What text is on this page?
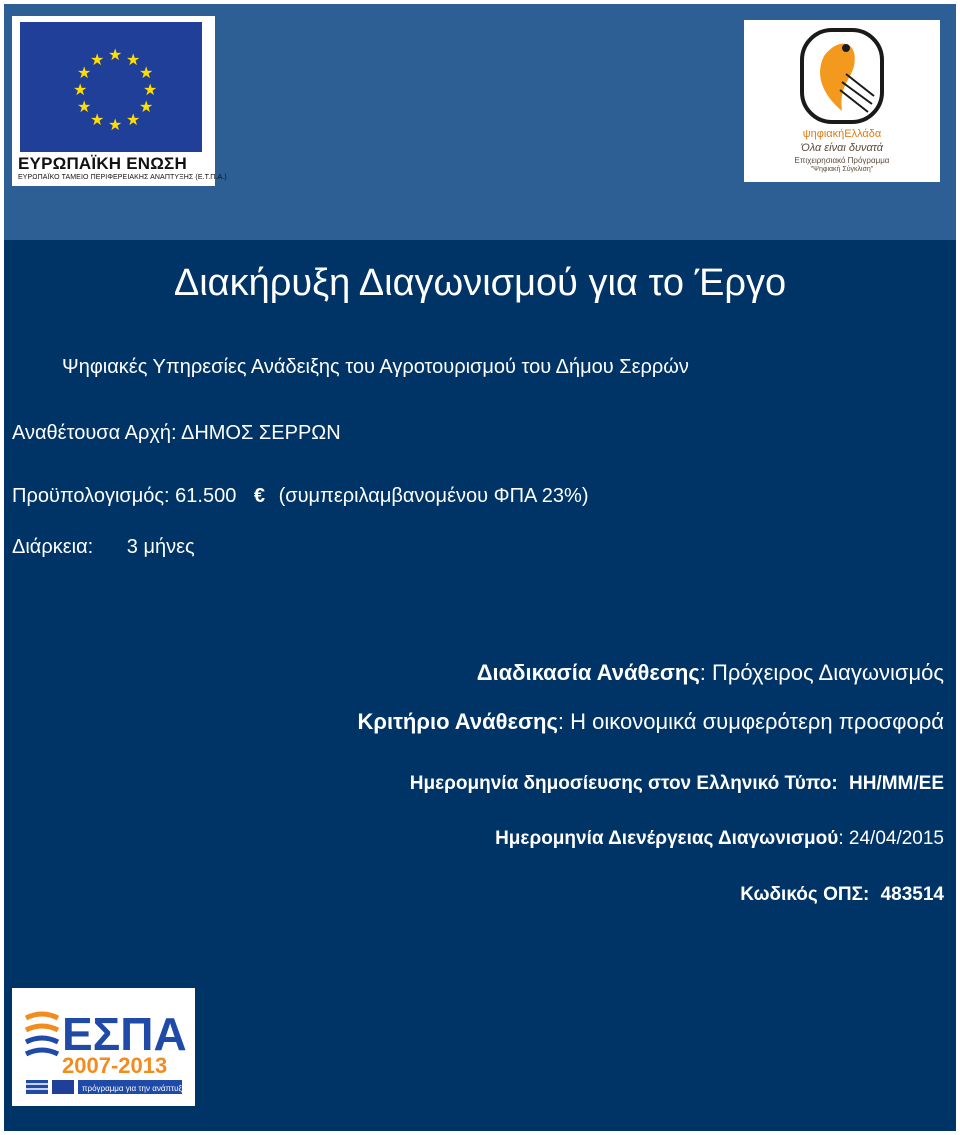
★ ★
★
★
★
★
★
★
★
★
★
★
ΕΥΡΩΠΑΪΚΗ ΕΝΩΣΗ
ΕΥΡΩΠΑΪΚΟ ΤΑΜΕΙΟ ΠΕΡΙΦΕΡΕΙΑΚΗΣ ΑΝΑΠΤΥΞΗΣ (Ε.Τ.Π.Α.)
ψηφιακήΕλλάδα
Όλα είναι δυνατά
Επιχειρησιακό Πρόγραμμα
"Ψηφιακή Σύγκλιση"
Διακήρυξη Διαγωνισμού για το Έργο
Ψηφιακές Υπηρεσίες Ανάδειξης του Αγροτουρισμού του Δήμου Σερρών
Αναθέτουσα Αρχή: ΔΗΜΟΣ ΣΕΡΡΩΝ
Προϋπολογισμός: 61.500 € (συμπεριλαμβανομένου ΦΠΑ 23%)
Διάρκεια: 3 μήνες
Διαδικασία Ανάθεσης: Πρόχειρος Διαγωνισμός
Κριτήριο Ανάθεσης: Η οικονομικά συμφερότερη προσφορά
Ημερομηνία δημοσίευσης στον Ελληνικό Τύπο: ΗΗ/ΜΜ/ΕΕ
Ημερομηνία Διενέργειας Διαγωνισμού: 24/04/2015
Κωδικός ΟΠΣ: 483514
ΕΣΠΑ
2007-2013
πρόγραμμα για την ανάπτυξη
